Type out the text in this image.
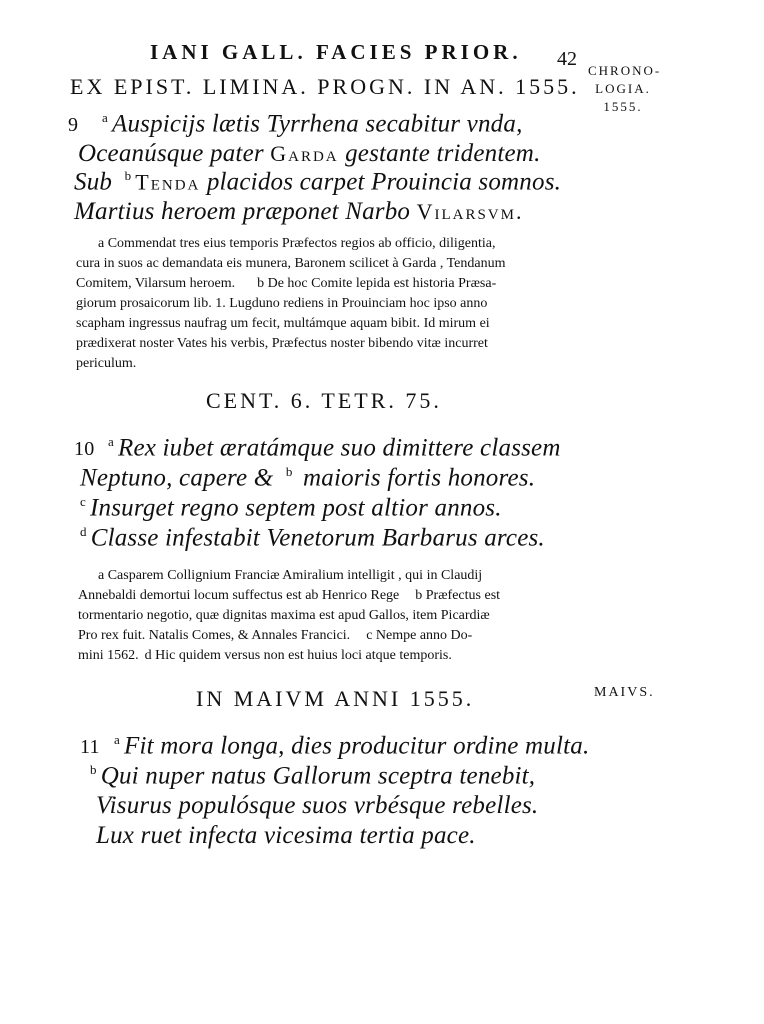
IANI GALL. FACIES PRIOR. 42
EX EPIST. LIMINA. PROGN. IN AN. 1555.
CHRONO-
LOGIA.
1555.
9 $^a$ Auspicijs lætis Tyrrhena secabitur vnda,
Oceanúsque pater Garda gestante tridentem.
Sub $^b$ Tenda placidos carpet Prouincia somnos.
Martius heroem præponet Narbo Vilarsvm.
a Commendat tres eius temporis Præfectos regios ab officio, diligentia,
cura in suos ac demandata eis munera, Baronem scilicet à Garda , Tendanum
Comitem, Vilarsum heroem. b De hoc Comite lepida est historia Præsa-
giorum prosaicorum lib. 1. Lugduno rediens in Prouinciam hoc ipso anno
scapham ingressus naufrag um fecit, multámque aquam bibit. Id mirum ei
prædixerat noster Vates his verbis, Præfectus noster bibendo vitæ incurret
periculum.
CENT. 6. TETR. 75.
10 $^a$ Rex iubet æratámque suo dimittere classem
Neptuno, capere & $^b$ maioris fortis honores.
$^c$ Insurget regno septem post altior annos.
$^d$ Classe infestabit Venetorum Barbarus arces.
a Casparem Collignium Franciæ Amiralium intelligit , qui in Claudij
Annebaldi demortui locum suffectus est ab Henrico Rege b Præfectus est
tormentario negotio, quæ dignitas maxima est apud Gallos, item Picardiæ
Pro rex fuit. Natalis Comes, & Annales Francici. c Nempe anno Do-
mini 1562. d Hic quidem versus non est huius loci atque temporis.
IN MAIVM ANNI 1555.	MAIVS.
11 $^a$ Fit mora longa, dies producitur ordine multa.
$^b$ Qui nuper natus Gallorum sceptra tenebit,
Visurus populósque suos vrbésque rebelles.
Lux ruet infecta vicesima tertia pace.
